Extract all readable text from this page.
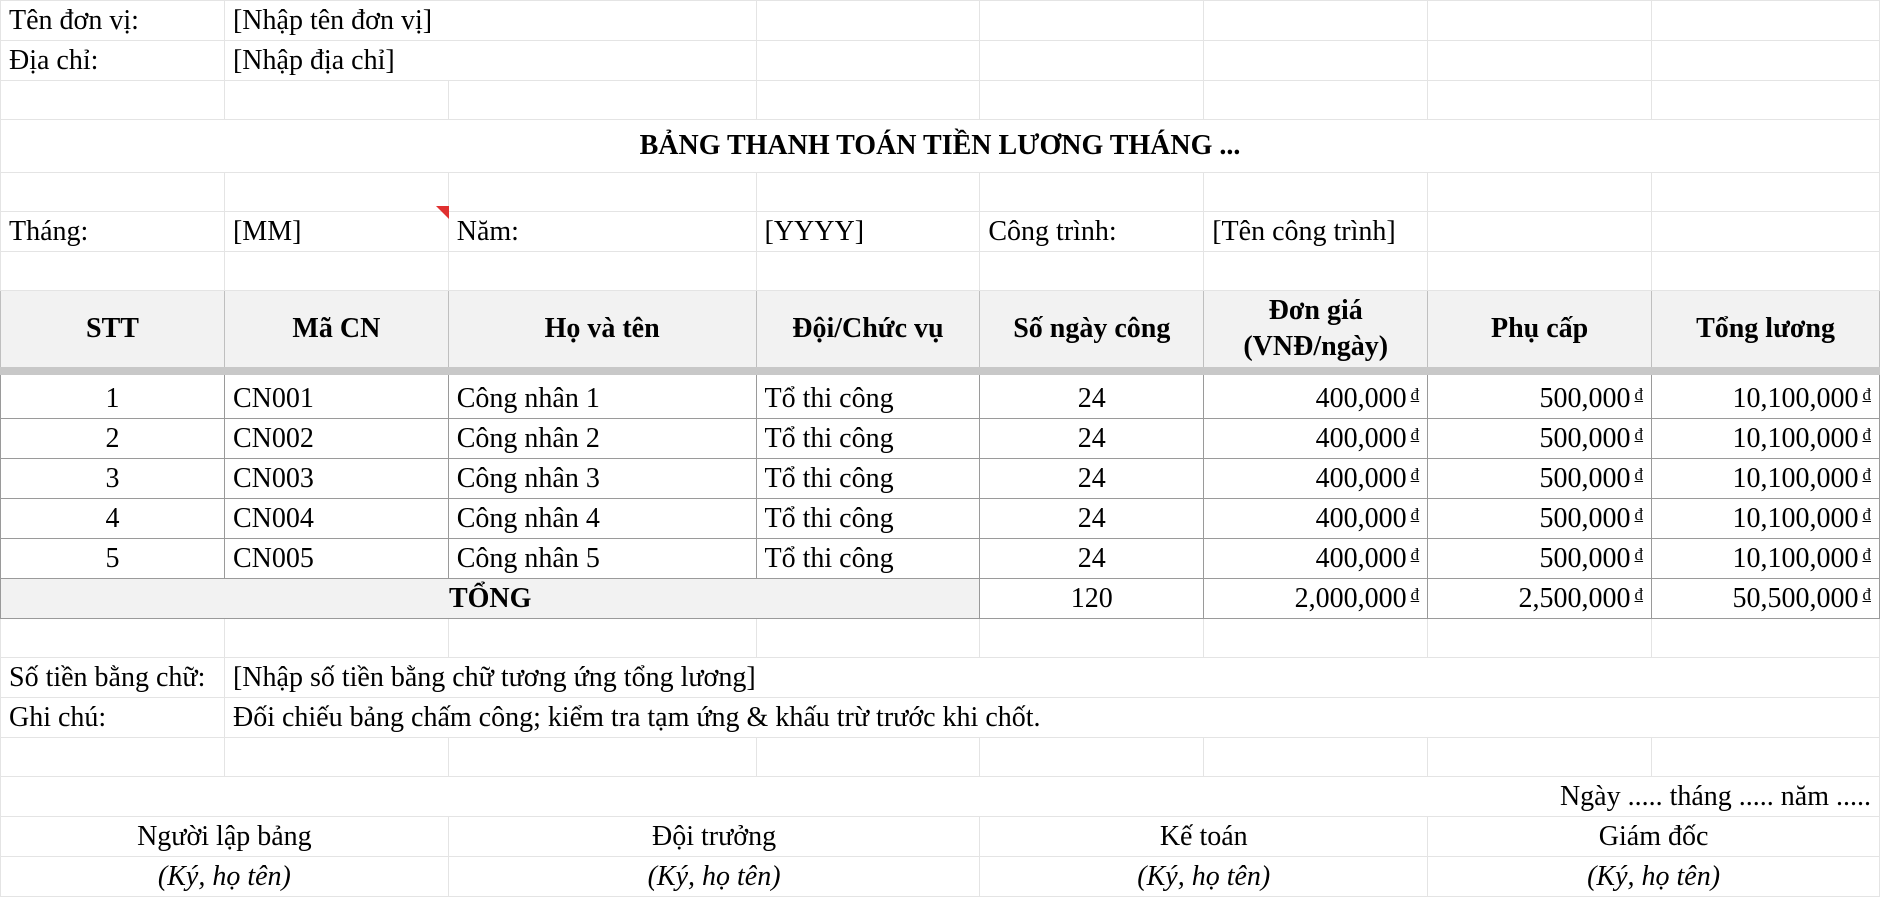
Tên đơn vị:	[Nhập tên đơn vị]						
Địa chỉ:	[Nhập địa chỉ]						

BẢNG THANH TOÁN TIỀN LƯƠNG THÁNG ...							

Tháng:	[MM]	Năm:	[YYYY]	Công trình:	[Tên công trình]		

STT	Mã CN	Họ và tên	Đội/Chức vụ	Số ngày công	Đơn giá (VNĐ/ngày)	Phụ cấp	Tổng lương
1	CN001	Công nhân 1	Tổ thi công	24	400,000 $^đ$	500,000 $^đ$	10,100,000 $^đ$
2	CN002	Công nhân 2	Tổ thi công	24	400,000 $^đ$	500,000 $^đ$	10,100,000 $^đ$
3	CN003	Công nhân 3	Tổ thi công	24	400,000 $^đ$	500,000 $^đ$	10,100,000 $^đ$
4	CN004	Công nhân 4	Tổ thi công	24	400,000 $^đ$	500,000 $^đ$	10,100,000 $^đ$
5	CN005	Công nhân 5	Tổ thi công	24	400,000 $^đ$	500,000 $^đ$	10,100,000 $^đ$
TỔNG				120	2,000,000 $^đ$	2,500,000 $^đ$	50,500,000 $^đ$

Số tiền bằng chữ:	[Nhập số tiền bằng chữ tương ứng tổng lương]						
Ghi chú:	Đối chiếu bảng chấm công; kiểm tra tạm ứng & khấu trừ trước khi chốt.						

Ngày ..... tháng ..... năm .....							
Người lập bảng		Đội trưởng		Kế toán		Giám đốc	
(Ký, họ tên)		(Ký, họ tên)		(Ký, họ tên)		(Ký, họ tên)	
